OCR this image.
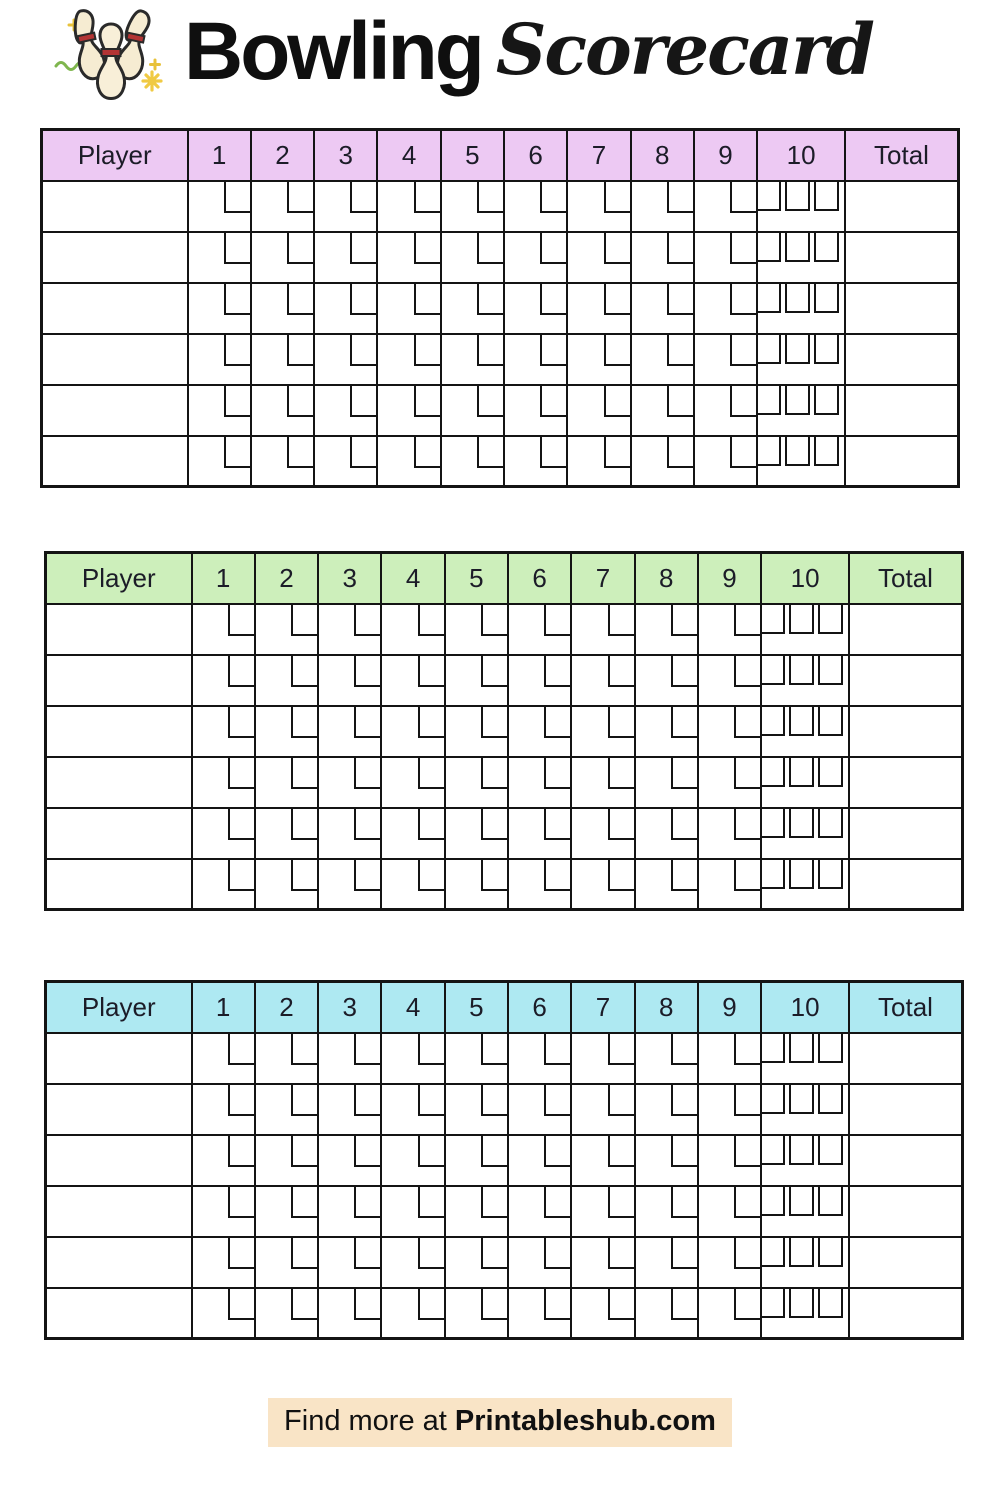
Bowling Scorecard
Player	1	2	3	4	5	6	7	8	9	10	Total

Player	1	2	3	4	5	6	7	8	9	10	Total

Player	1	2	3	4	5	6	7	8	9	10	Total

Find more at Printableshub.com
